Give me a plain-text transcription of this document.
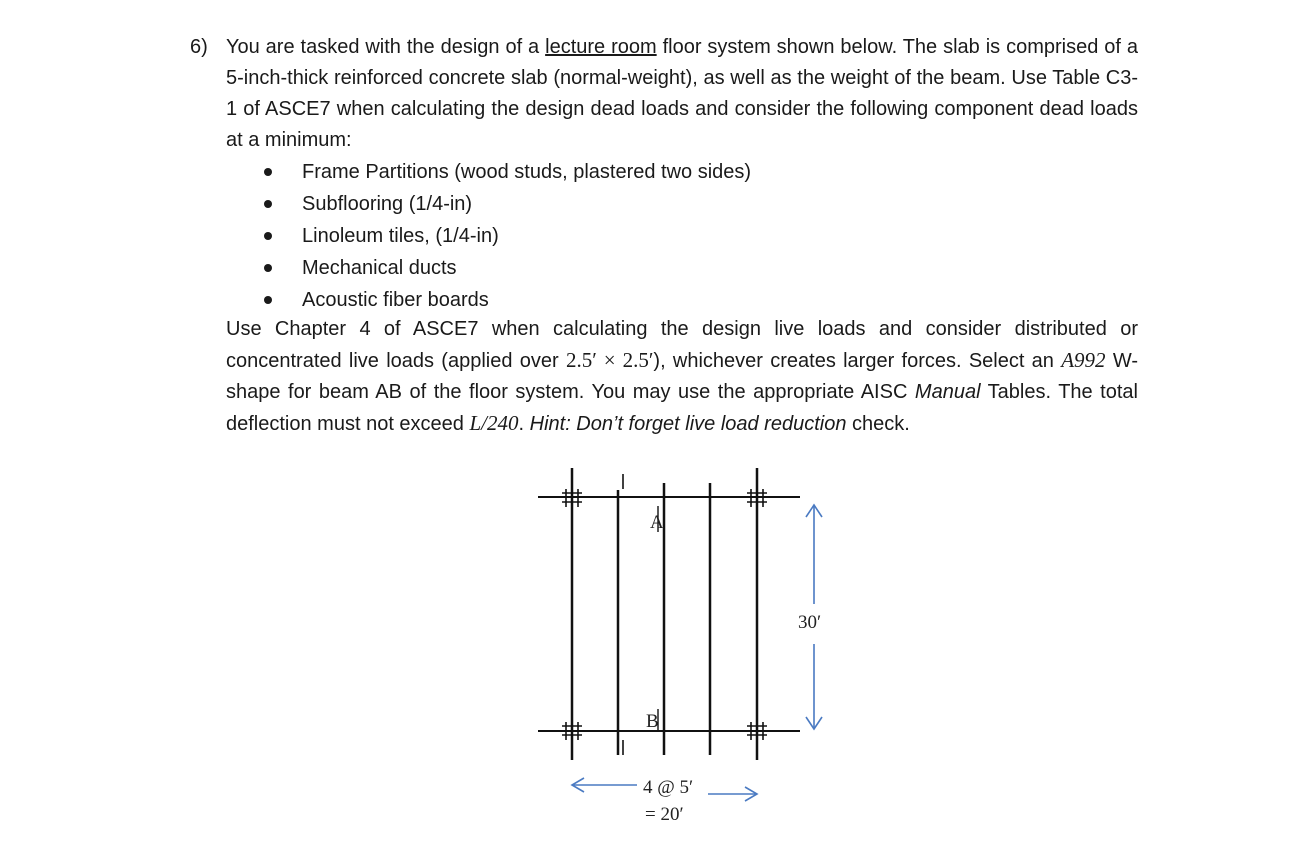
6) You are tasked with the design of a lecture room floor system shown below. The slab is comprised of a 5-inch-thick reinforced concrete slab (normal-weight), as well as the weight of the beam. Use Table C3-1 of ASCE7 when calculating the design dead loads and consider the following component dead loads at a minimum:

Frame Partitions (wood studs, plastered two sides)
Subflooring (1/4-in)
Linoleum tiles, (1/4-in)
Mechanical ducts
Acoustic fiber boards

Use Chapter 4 of ASCE7 when calculating the design live loads and consider distributed or concentrated live loads (applied over 2.5′ × 2.5′), whichever creates larger forces. Select an A992 W-shape for beam AB of the floor system. You may use the appropriate AISC Manual Tables. The total deflection must not exceed L/240. Hint: Don’t forget live load reduction check.

A
B
30′
4 @ 5′
= 20′
